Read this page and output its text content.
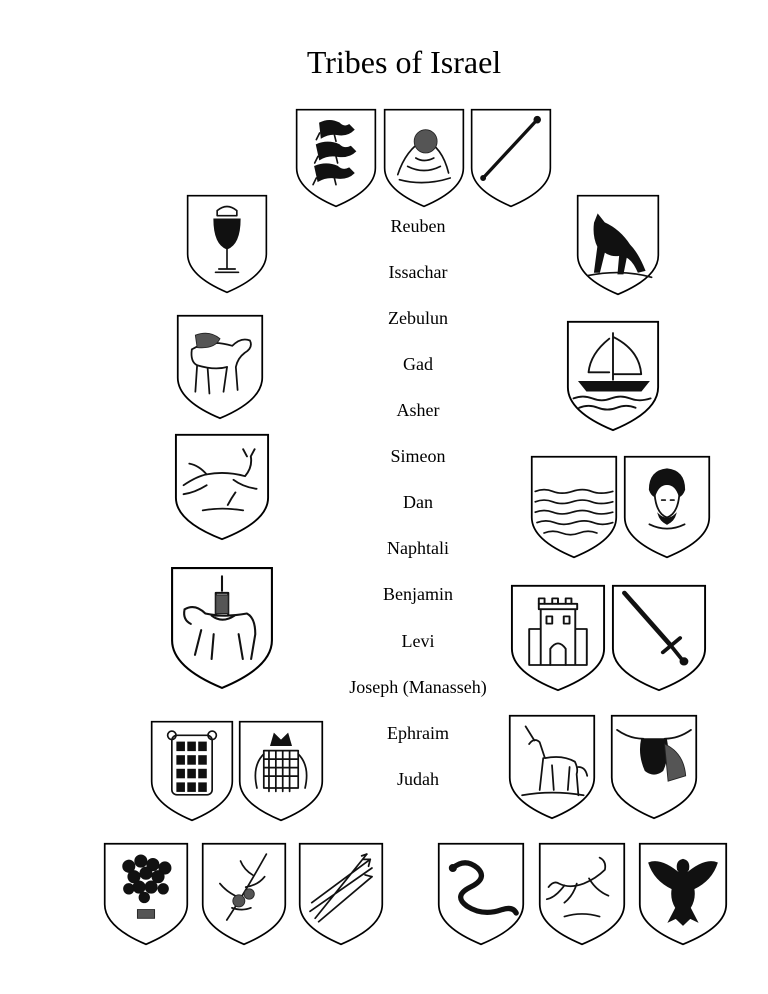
Tribes of Israel
Reuben
Issachar
Zebulun
Gad
Asher
Simeon
Dan
Naphtali
Benjamin
Levi
Joseph (Manasseh)
Ephraim
Judah
